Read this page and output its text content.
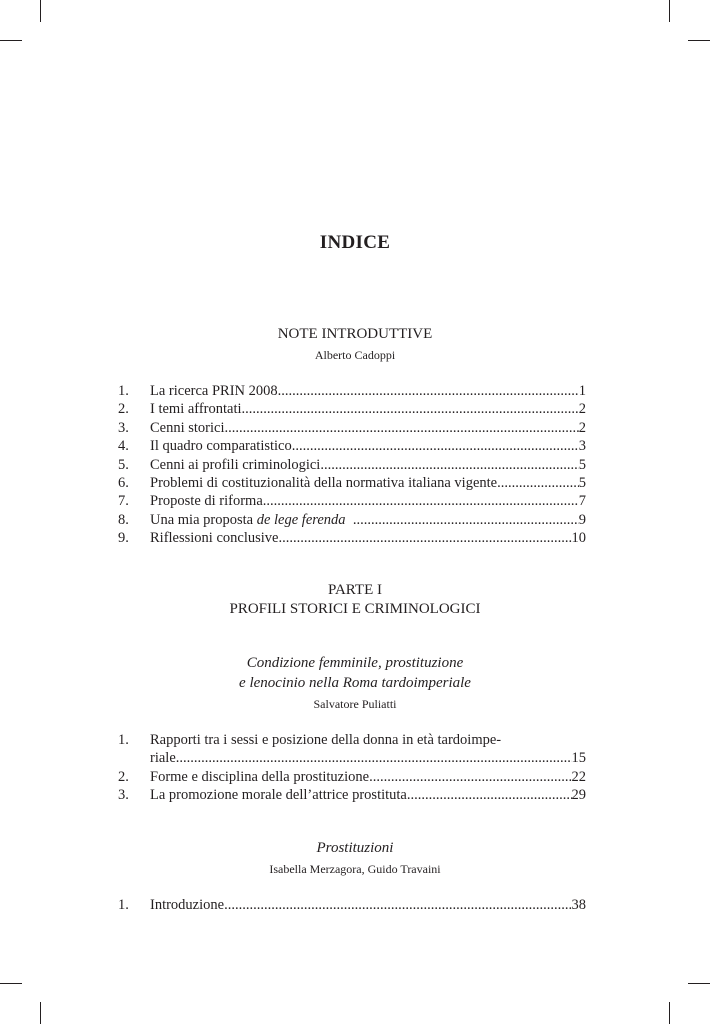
INDICE
NOTE INTRODUTTIVE
Alberto Cadoppi
1.	La ricerca PRIN 2008 .....	1
2.	I temi affrontati .....	2
3.	Cenni storici .....	2
4.	Il quadro comparatistico .....	3
5.	Cenni ai profili criminologici .....	5
6.	Problemi di costituzionalità della normativa italiana vigente .....	5
7.	Proposte di riforma .....	7
8.	Una mia proposta de lege ferenda .....	9
9.	Riflessioni conclusive .....	10
PARTE I
PROFILI STORICI E CRIMINOLOGICI
Condizione femminile, prostituzione
e lenocinio nella Roma tardoimperiale
Salvatore Puliatti
1.	Rapporti tra i sessi e posizione della donna in età tardoimpe-
riale .....	15
2.	Forme e disciplina della prostituzione .....	22
3.	La promozione morale dell’attrice prostituta .....	29
Prostituzioni
Isabella Merzagora, Guido Travaini
1.	Introduzione .....	38
